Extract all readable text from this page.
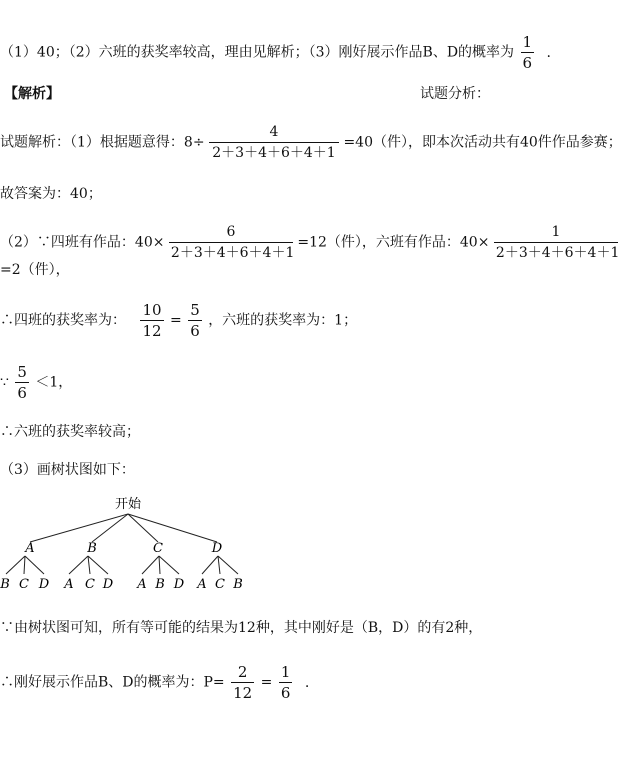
（1）40；（2）六班的获奖率较高，理由见解析；（3）刚好展示作品B、D的概率为 $\frac{1}{6}$ .
【解析】	试题分析：
试题解析：（1）根据题意得：$8\div \frac{4}{2+3+4+6+4+1} =40$（件），即本次活动共有40件作品参赛；
故答案为：40；
（2）∵四班有作品：$40\times \frac{6}{2+3+4+6+4+1} =12$（件），六班有作品：$40\times \frac{1}{2+3+4+6+4+1}$
=2（件），
∴四班的获奖率为： $\frac{10}{12} = \frac{5}{6}$ ，六班的获奖率为：1；
∵ $\frac{5}{6} <1$，
∴六班的获奖率较高；
（3）画树状图如下：
开始
A	B	C	D
B C D A C D A B D A C B
∵由树状图可知，所有等可能的结果为12种，其中刚好是（B，D）的有2种，
∴刚好展示作品B、D的概率为：$P= \frac{2}{12} = \frac{1}{6}$ .
